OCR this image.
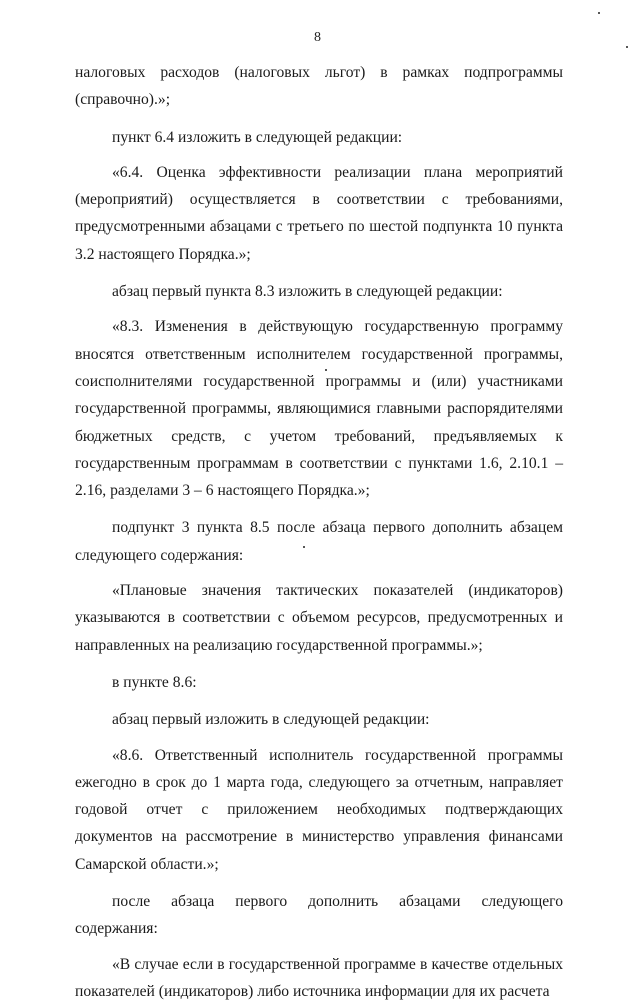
8

налоговых расходов (налоговых льгот) в рамках подпрограммы (справочно).»;

пункт 6.4 изложить в следующей редакции:

«6.4. Оценка эффективности реализации плана мероприятий (мероприятий) осуществляется в соответствии с требованиями, предусмотренными абзацами с третьего по шестой подпункта 10 пункта 3.2 настоящего Порядка.»;

абзац первый пункта 8.3 изложить в следующей редакции:

«8.3. Изменения в действующую государственную программу вносятся ответственным исполнителем государственной программы, соисполнителями государственной программы и (или) участниками государственной программы, являющимися главными распорядителями бюджетных средств, с учетом требований, предъявляемых к государственным программам в соответствии с пунктами 1.6, 2.10.1 – 2.16, разделами 3 – 6 настоящего Порядка.»;

подпункт 3 пункта 8.5 после абзаца первого дополнить абзацем следующего содержания:

«Плановые значения тактических показателей (индикаторов) указываются в соответствии с объемом ресурсов, предусмотренных и направленных на реализацию государственной программы.»;

в пункте 8.6:

абзац первый изложить в следующей редакции:

«8.6. Ответственный исполнитель государственной программы ежегодно в срок до 1 марта года, следующего за отчетным, направляет годовой отчет с приложением необходимых подтверждающих документов на рассмотрение в министерство управления финансами Самарской области.»;

после абзаца первого дополнить абзацами следующего содержания:

«В случае если в государственной программе в качестве отдельных показателей (индикаторов) либо источника информации для их расчета
